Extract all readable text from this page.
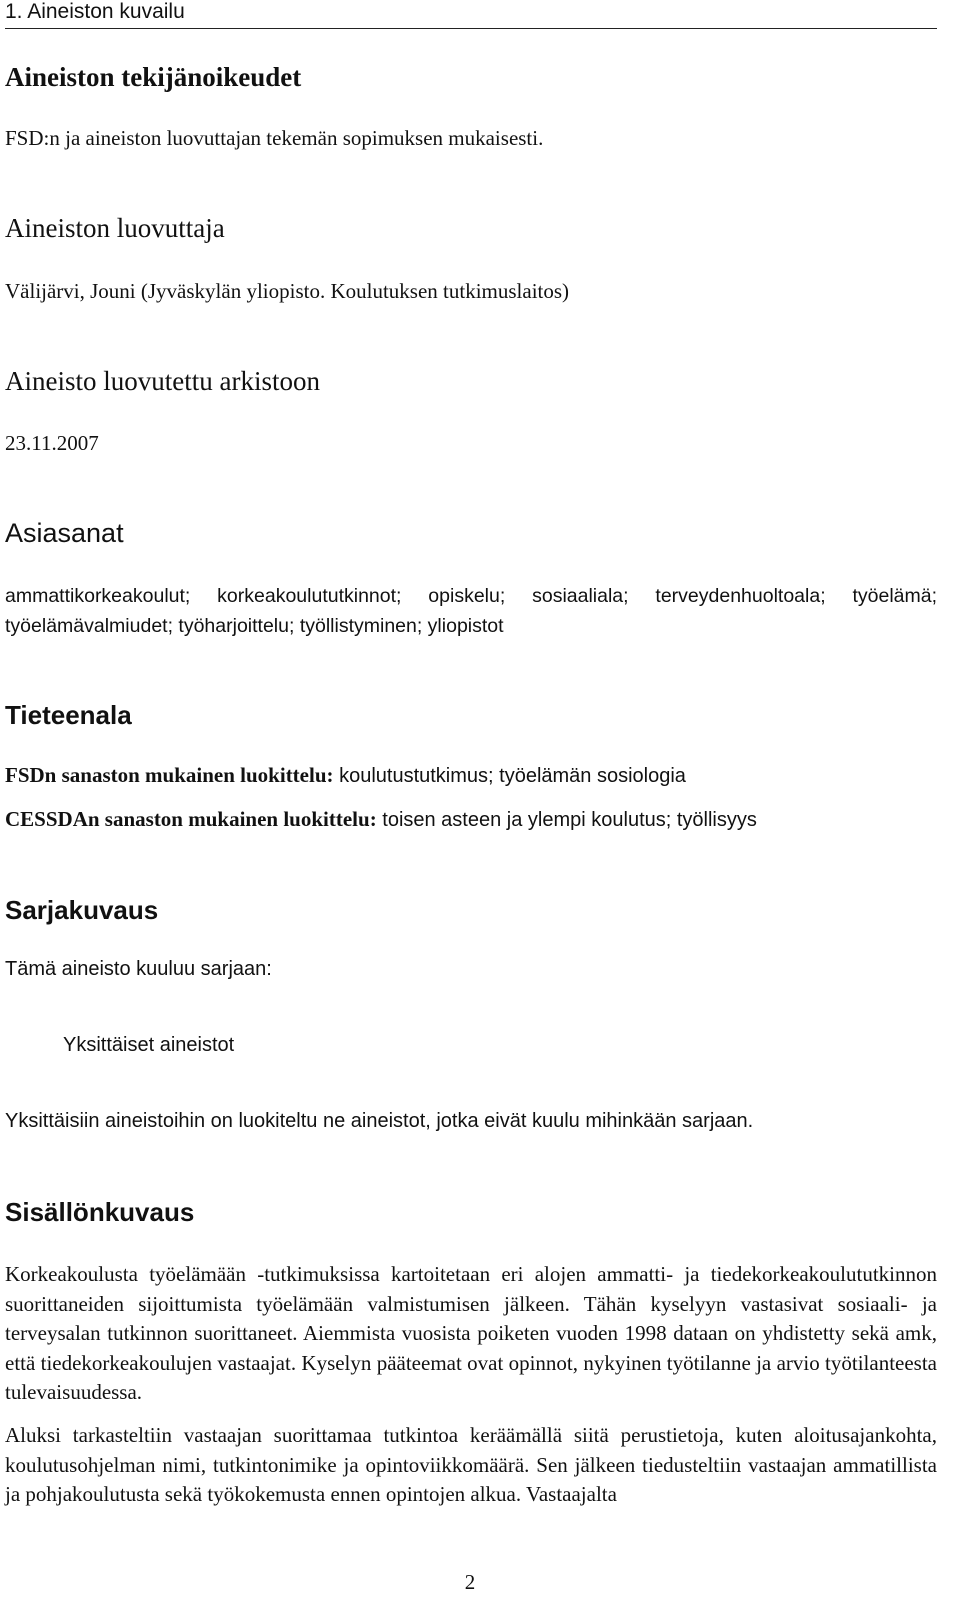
1. Aineiston kuvailu
Aineiston tekijänoikeudet
FSD:n ja aineiston luovuttajan tekemän sopimuksen mukaisesti.
Aineiston luovuttaja
Välijärvi, Jouni (Jyväskylän yliopisto. Koulutuksen tutkimuslaitos)
Aineisto luovutettu arkistoon
23.11.2007
Asiasanat
ammattikorkeakoulut; korkeakoulututkinnot; opiskelu; sosiaaliala; terveydenhuoltoala; työelämä; työelämävalmiudet; työharjoittelu; työllistyminen; yliopistot
Tieteenala
FSDn sanaston mukainen luokittelu: koulutustutkimus; työelämän sosiologia
CESSDAn sanaston mukainen luokittelu: toisen asteen ja ylempi koulutus; työllisyys
Sarjakuvaus
Tämä aineisto kuuluu sarjaan:
Yksittäiset aineistot
Yksittäisiin aineistoihin on luokiteltu ne aineistot, jotka eivät kuulu mihinkään sarjaan.
Sisällönkuvaus
Korkeakoulusta työelämään -tutkimuksissa kartoitetaan eri alojen ammatti- ja tiedekorkeakoulututkinnon suorittaneiden sijoittumista työelämään valmistumisen jälkeen. Tähän kyselyyn vastasivat sosiaali- ja terveysalan tutkinnon suorittaneet. Aiemmista vuosista poiketen vuoden 1998 dataan on yhdistetty sekä amk, että tiedekorkeakoulujen vastaajat. Kyselyn pääteemat ovat opinnot, nykyinen työtilanne ja arvio työtilanteesta tulevaisuudessa.
Aluksi tarkasteltiin vastaajan suorittamaa tutkintoa keräämällä siitä perustietoja, kuten aloitusajankohta, koulutusohjelman nimi, tutkintonimike ja opintoviikkomäärä. Sen jälkeen tiedusteltiin vastaajan ammatillista ja pohjakoulutusta sekä työkokemusta ennen opintojen alkua. Vastaajalta
2
